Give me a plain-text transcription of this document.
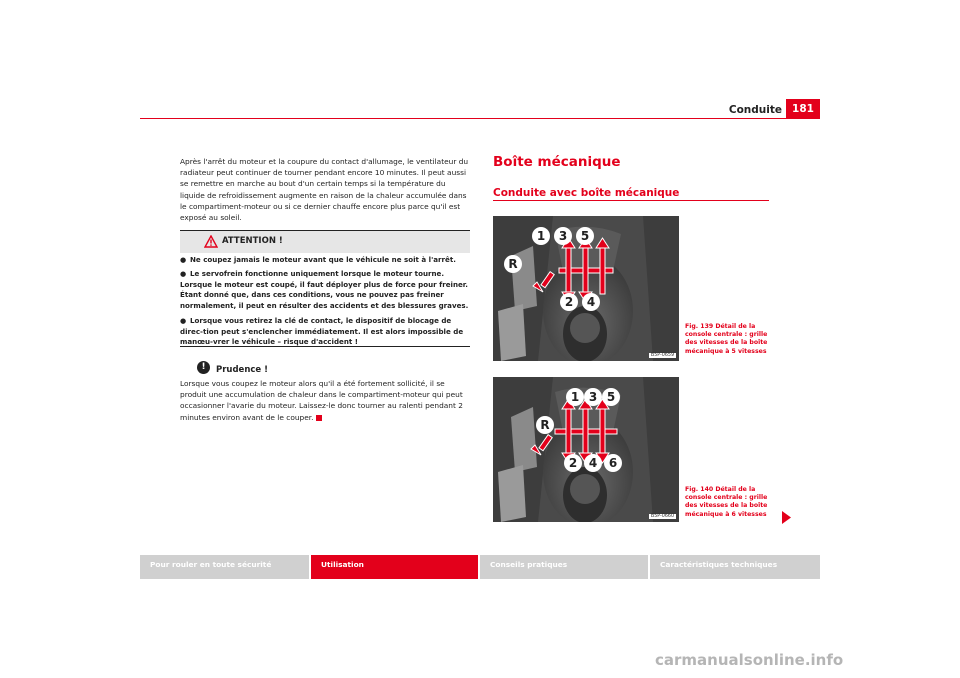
Conduite 181
Après l'arrêt du moteur et la coupure du contact d'allumage, le ventilateur du radiateur peut continuer de tourner pendant encore 10 minutes. Il peut aussi se remettre en marche au bout d'un certain temps si la température du liquide de refroidissement augmente en raison de la chaleur accumulée dans le compartiment-moteur ou si ce dernier chauffe encore plus parce qu'il est exposé au soleil.
ATTENTION !
● Ne coupez jamais le moteur avant que le véhicule ne soit à l'arrêt.
● Le servofrein fonctionne uniquement lorsque le moteur tourne. Lorsque le moteur est coupé, il faut déployer plus de force pour freiner. Étant donné que, dans ces conditions, vous ne pouvez pas freiner normalement, il peut en résulter des accidents et des blessures graves.
● Lorsque vous retirez la clé de contact, le dispositif de blocage de direc-tion peut s'enclencher immédiatement. Il est alors impossible de manœu-vrer le véhicule – risque d'accident !
!	Prudence !
Lorsque vous coupez le moteur alors qu'il a été fortement sollicité, il se produit une accumulation de chaleur dans le compartiment-moteur qui peut occasionner l'avarie du moteur. Laissez-le donc tourner au ralenti pendant 2 minutes environ avant de le couper.
Boîte mécanique
Conduite avec boîte mécanique
1 3 5
R
2 4
B5P-0659
Fig. 139 Détail de la console centrale : grille des vitesses de la boîte mécanique à 5 vitesses
1 3 5
R
2 4 6
B5P-0660
Fig. 140 Détail de la console centrale : grille des vitesses de la boîte mécanique à 6 vitesses
Pour rouler en toute sécurité	Utilisation	Conseils pratiques	Caractéristiques techniques
carmanualsonline.info
